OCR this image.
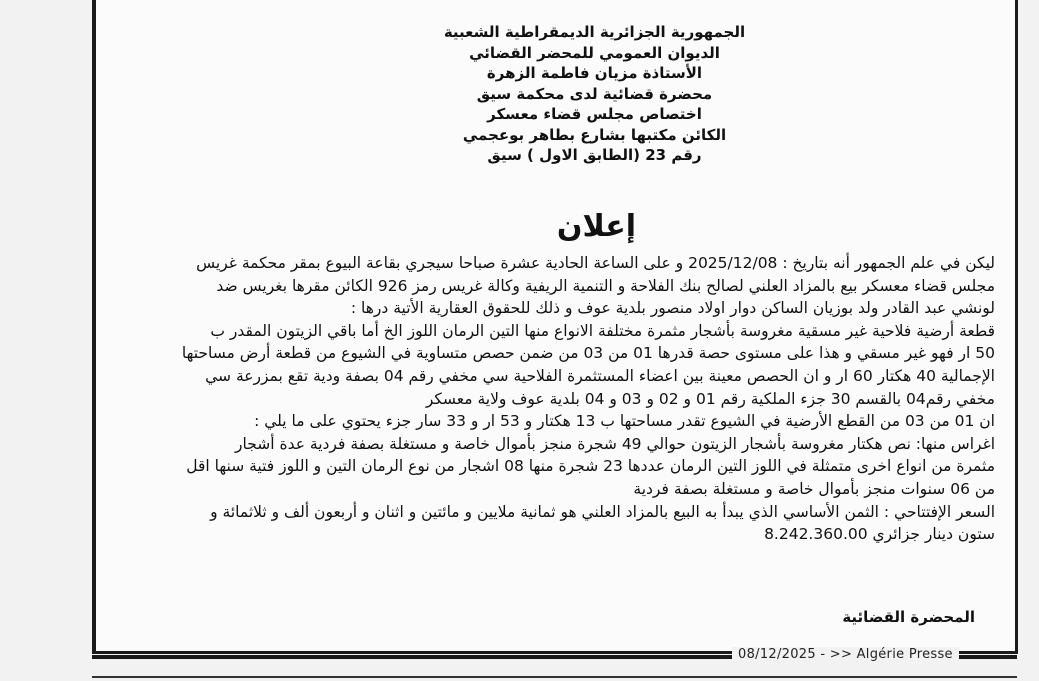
الجمهورية الجزائرية الديمقراطية الشعبية
الديوان العمومي للمحضر القضائي
الأستاذة مزيان فاطمة الزهرة
محضرة قضائية لدى محكمة سيق
اختصاص مجلس قضاء معسكر
الكائن مكتبها بشارع بطاهر بوعجمي
رقم 23 (الطابق الاول ) سيق
إعلان
ليكن في علم الجمهور أنه بتاريخ : 2025/12/08 و على الساعة الحادية عشرة صباحا سيجري بقاعة البيوع بمقر محكمة غريس
مجلس قضاء معسكر بيع بالمزاد العلني لصالح بنك الفلاحة و التنمية الريفية وكالة غريس رمز 926 الكائن مقرها بغريس ضد
لونشي عبد القادر ولد بوزيان الساكن دوار اولاد منصور بلدية عوف و ذلك للحقوق العقارية الأتية درها :
قطعة أرضية فلاحية غير مسقية مغروسة بأشجار مثمرة مختلفة الانواع منها التين الرمان اللوز الخ أما باقي الزيتون المقدر ب
50 ار فهو غير مسقي و هذا على مستوى حصة قدرها 01 من 03 من ضمن حصص متساوية في الشيوع من قطعة أرض مساحتها
الإجمالية 40 هكتار 60 ار و ان الحصص معينة بين اعضاء المستثمرة الفلاحية سي مخفي رقم 04 بصفة ودية تقع بمزرعة سي
مخفي رقم04 بالقسم 30 جزء الملكية رقم 01 و 02 و 03 و 04 بلدية عوف ولاية معسكر
ان 01 من 03 من القطع الأرضية في الشيوع تقدر مساحتها ب 13 هكتار و 53 ار و 33 سار جزء يحتوي على ما يلي :
اغراس منها: نص هكتار مغروسة بأشجار الزيتون حوالي 49 شجرة منجز بأموال خاصة و مستغلة بصفة فردية عدة أشجار
مثمرة من انواع اخرى متمثلة في اللوز التين الرمان عددها 23 شجرة منها 08 اشجار من نوع الرمان التين و اللوز فتية سنها اقل
من 06 سنوات منجز بأموال خاصة و مستغلة بصفة فردية
السعر الإفتتاحي : الثمن الأساسي الذي يبدأ به البيع بالمزاد العلني هو ثمانية ملايين و مائتين و اثنان و أربعون ألف و ثلاثمائة و
ستون دينار جزائري 8.242.360.00
المحضرة القضائية
08/12/2025 - >> Algérie Presse
